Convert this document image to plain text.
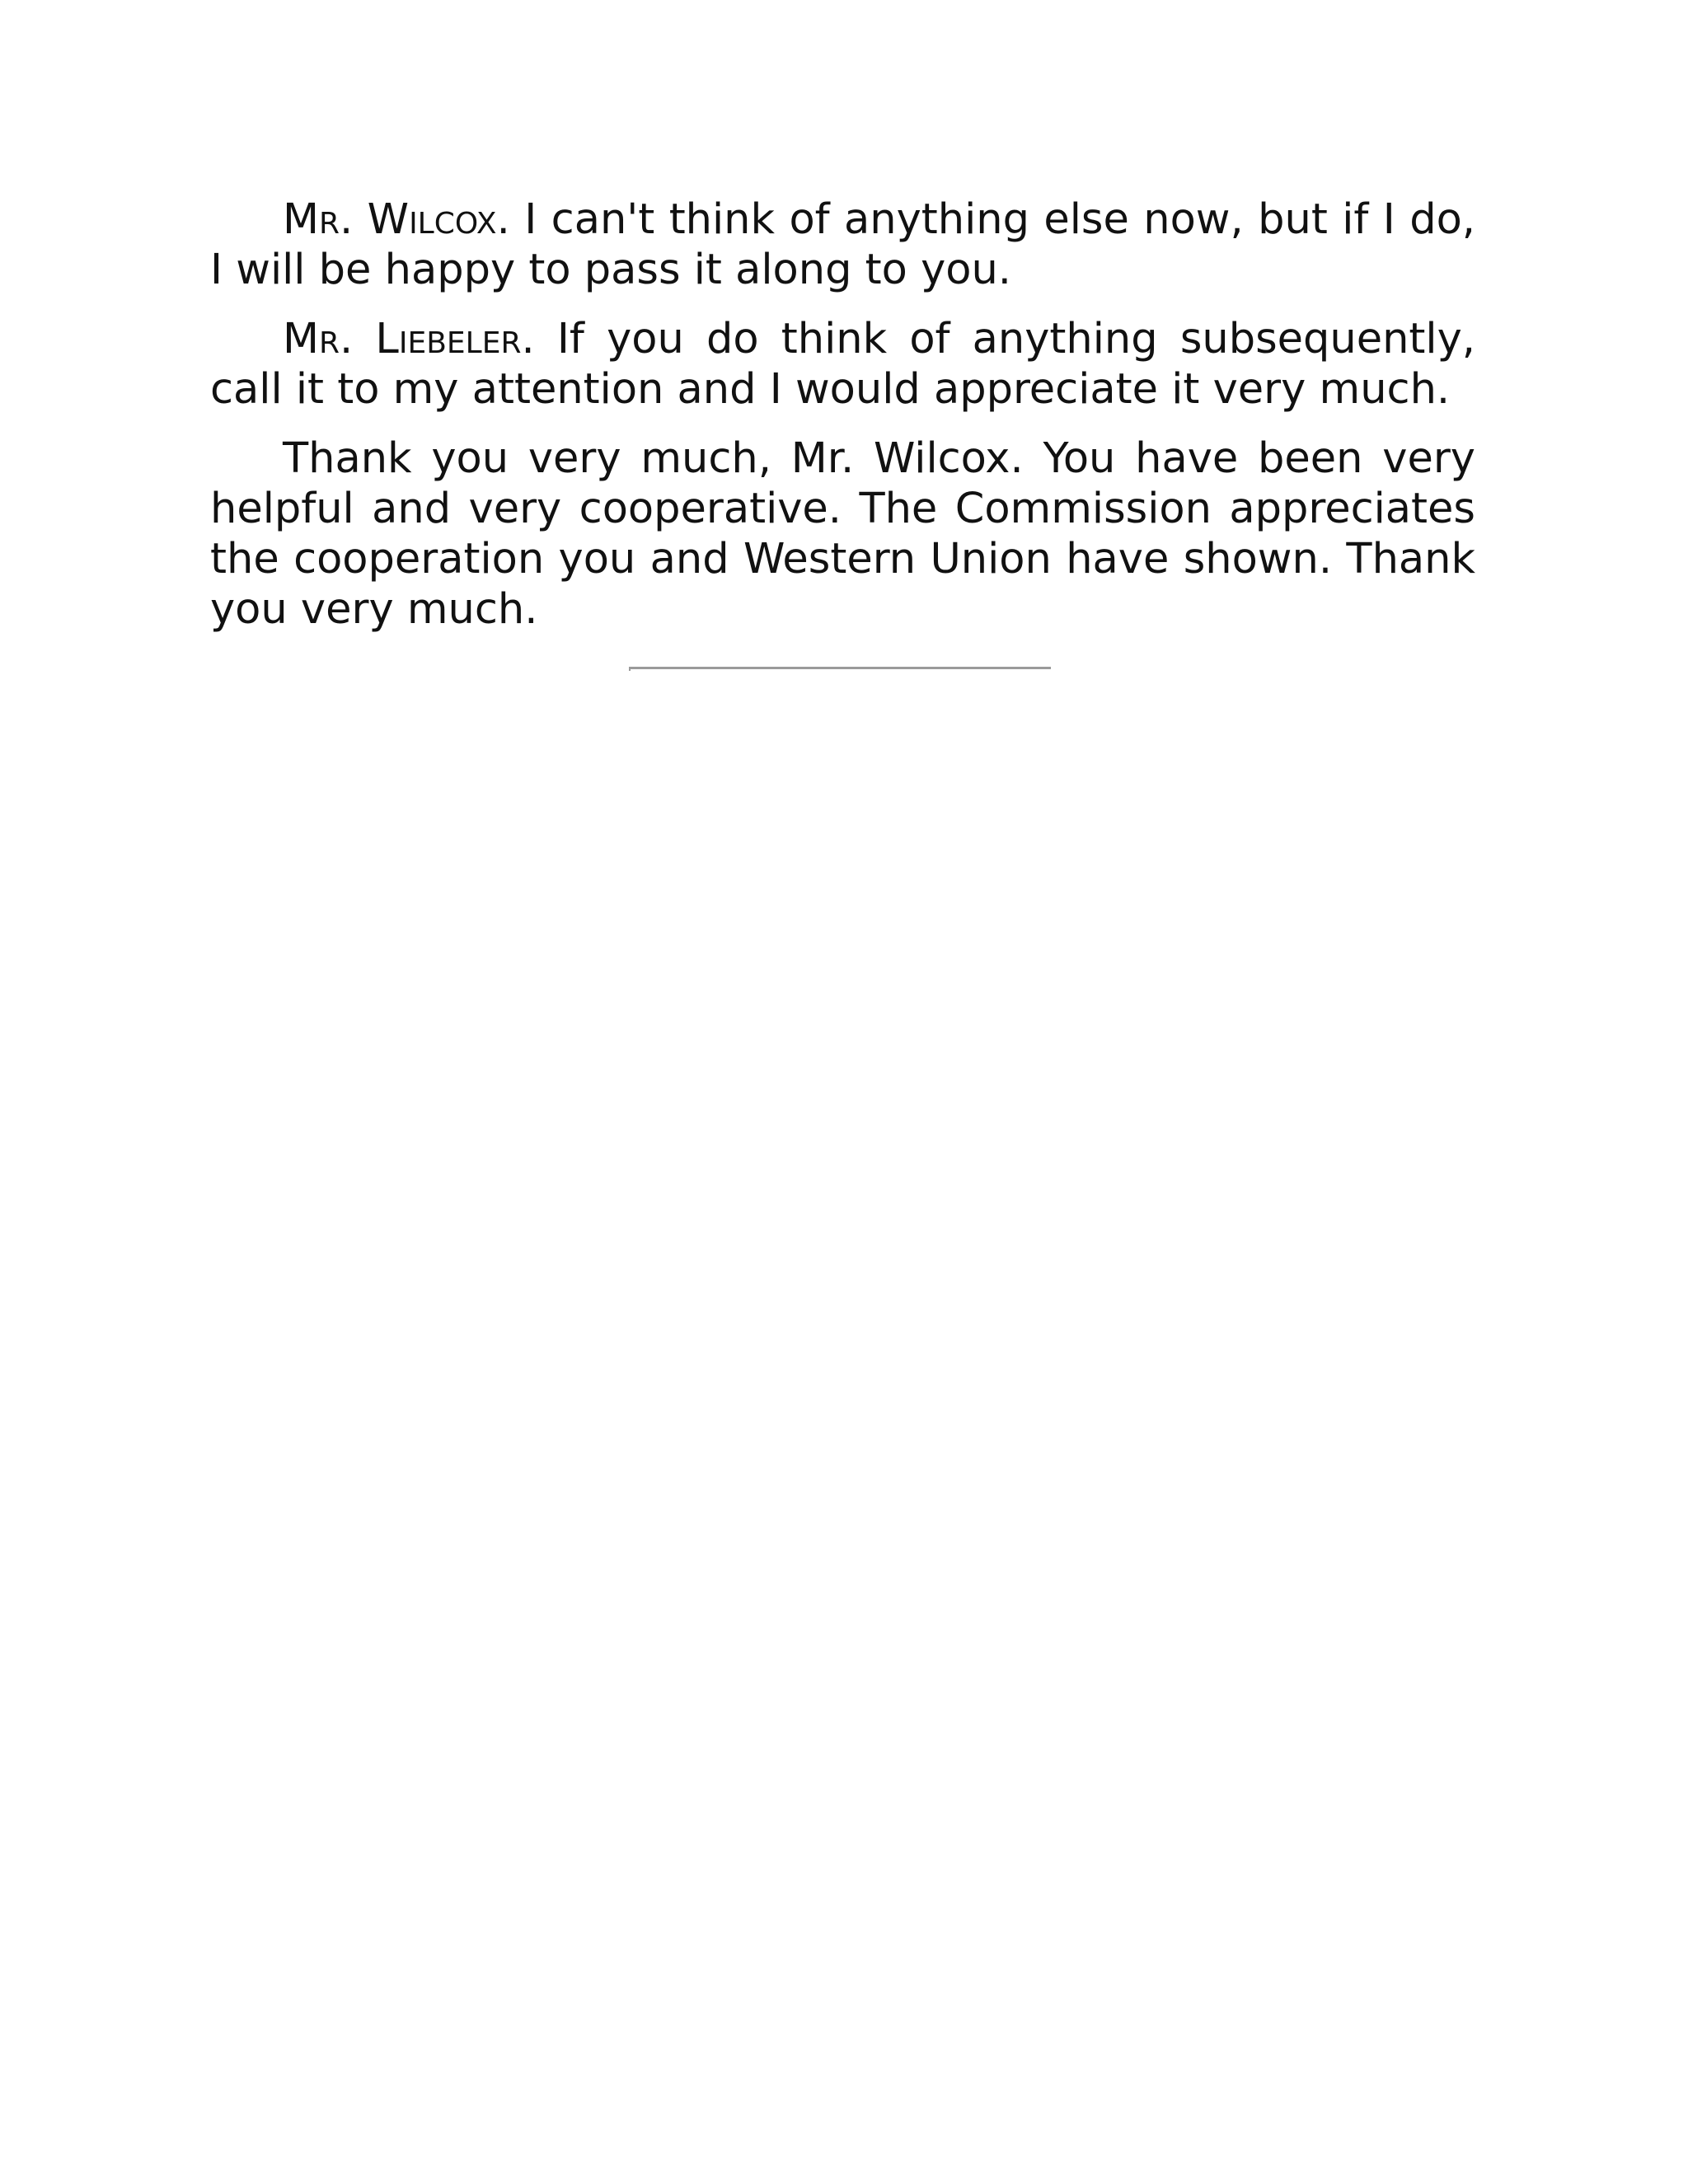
Mr. Wilcox. I can't think of anything else now, but if I do, I will be happy to pass it along to you.

Mr. Liebeler. If you do think of anything subsequently, call it to my attention and I would appreciate it very much.

Thank you very much, Mr. Wilcox. You have been very helpful and very cooperative. The Commission appreciates the cooperation you and Western Union have shown. Thank you very much.
